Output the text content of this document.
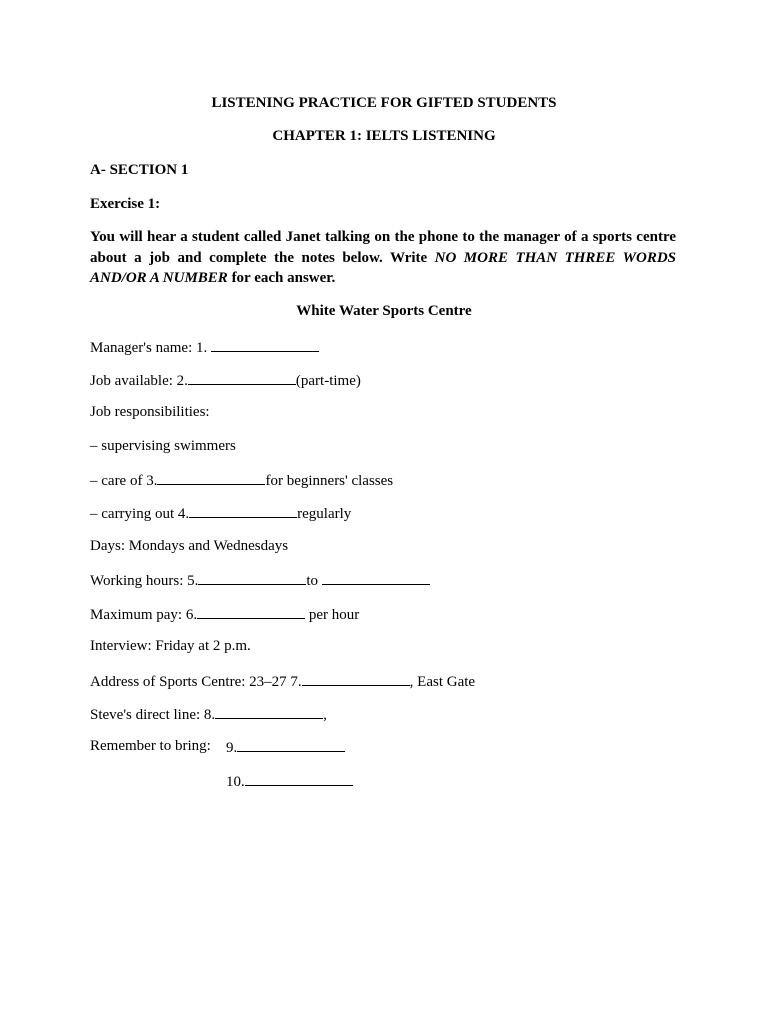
LISTENING PRACTICE FOR GIFTED STUDENTS
CHAPTER 1: IELTS LISTENING
A- SECTION 1
Exercise 1:
You will hear a student called Janet talking on the phone to the manager of a sports centre about a job and complete the notes below. Write NO MORE THAN THREE WORDS AND/OR A NUMBER for each answer.
White Water Sports Centre
Manager's name: 1.
Job available: 2.	(part-time)
Job responsibilities:
– supervising swimmers
– care of 3.	for beginners' classes
– carrying out 4.	regularly
Days: Mondays and Wednesdays
Working hours: 5.	to
Maximum pay: 6.	per hour
Interview: Friday at 2 p.m.
Address of Sports Centre: 23–27 7.	, East Gate
Steve's direct line: 8.	,
Remember to bring: 9.
10.
